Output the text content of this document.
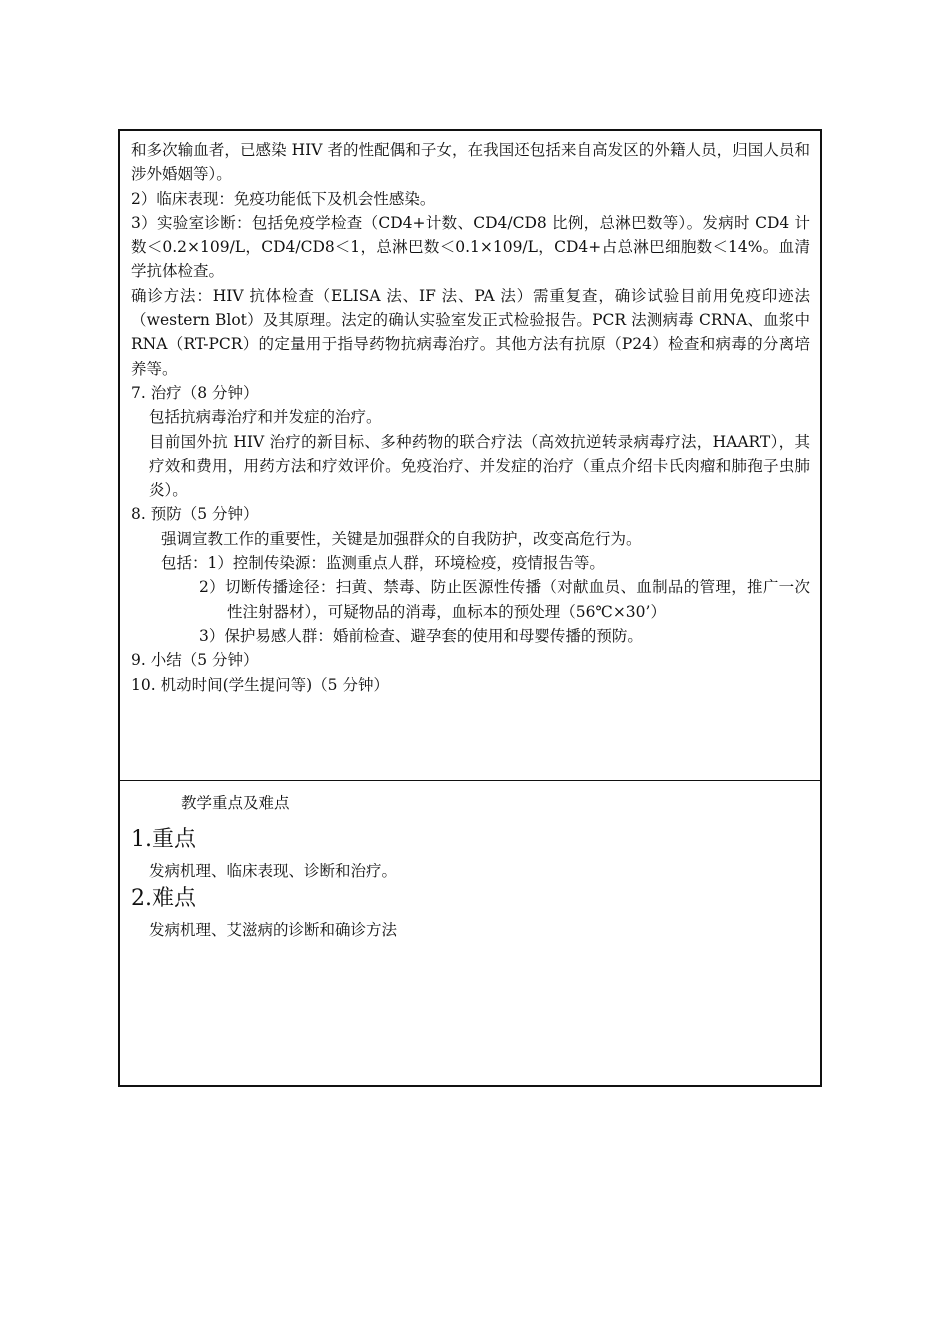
和多次输血者，已感染 HIV 者的性配偶和子女，在我国还包括来自高发区的外籍人员，归国人员和涉外婚姻等）。

2）临床表现：免疫功能低下及机会性感染。

3）实验室诊断：包括免疫学检查（CD4+计数、CD4/CD8 比例，总淋巴数等）。发病时 CD4 计数＜0.2×109/L，CD4/CD8＜1，总淋巴数＜0.1×109/L，CD4+占总淋巴细胞数＜14%。血清学抗体检查。

确诊方法：HIV 抗体检查（ELISA 法、IF 法、PA 法）需重复查，确诊试验目前用免疫印迹法（western Blot）及其原理。法定的确认实验室发正式检验报告。PCR 法测病毒 CRNA、血浆中 RNA（RT-PCR）的定量用于指导药物抗病毒治疗。其他方法有抗原（P24）检查和病毒的分离培养等。

7. 治疗（8 分钟）

包括抗病毒治疗和并发症的治疗。

目前国外抗 HIV 治疗的新目标、多种药物的联合疗法（高效抗逆转录病毒疗法，HAART），其疗效和费用，用药方法和疗效评价。免疫治疗、并发症的治疗（重点介绍卡氏肉瘤和肺孢子虫肺炎）。

8. 预防（5 分钟）

强调宣教工作的重要性，关键是加强群众的自我防护，改变高危行为。

包括：1）控制传染源：监测重点人群，环境检疫，疫情报告等。

2）切断传播途径：扫黄、禁毒、防止医源性传播（对献血员、血制品的管理，推广一次性注射器材），可疑物品的消毒，血标本的预处理（56℃×30’）

3）保护易感人群：婚前检查、避孕套的使用和母婴传播的预防。

9. 小结（5 分钟）

10. 机动时间(学生提问等)（5 分钟）

教学重点及难点

1.重点

发病机理、临床表现、诊断和治疗。

2.难点

发病机理、艾滋病的诊断和确诊方法
